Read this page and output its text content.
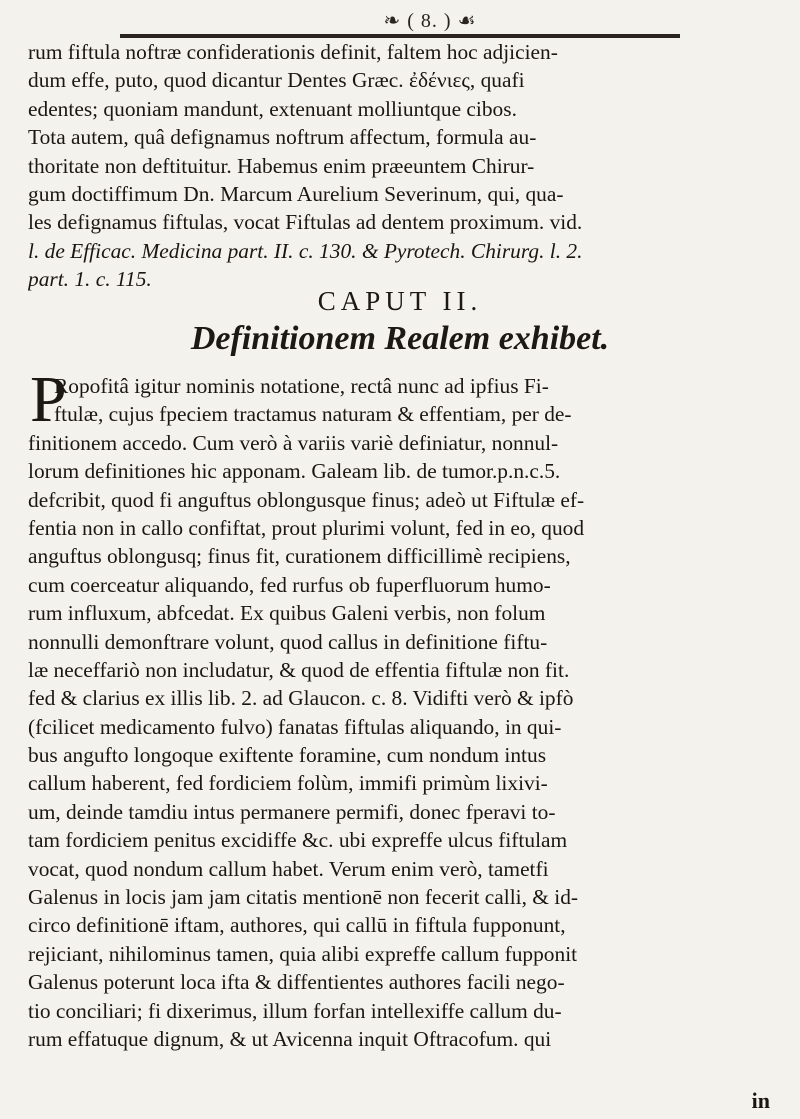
❧ ( 8. ) ☙
rum fiftula noftræ confiderationis definit, faltem hoc adjicien-
dum effe, puto, quod dicantur Dentes Græc. ἐδένιες, quafi
edentes; quoniam mandunt, extenuant molliuntque cibos.
Tota autem, quâ defignamus noftrum affectum, formula au-
thoritate non deftituitur. Habemus enim præeuntem Chirur-
gum doctiffimum Dn. Marcum Aurelium Severinum, qui, qua-
les defignamus fiftulas, vocat Fiftulas ad dentem proximum. vid.
l. de Efficac. Medicina part. II. c. 130. & Pyrotech. Chirurg. l. 2.
part. 1. c. 115.
CAPUT II.
Definitionem Realem exhibet.
P
Ropofitâ igitur nominis notatione, rectâ nunc ad ipfius Fi-
ftulæ, cujus fpeciem tractamus naturam & effentiam, per de-
finitionem accedo. Cum verò à variis variè definiatur, nonnul-
lorum definitiones hic apponam. Galeam lib. de tumor.p.n.c.5.
defcribit, quod fi anguftus oblongusque finus; adeò ut Fiftulæ ef-
fentia non in callo confiftat, prout plurimi volunt, fed in eo, quod
anguftus oblongusq; finus fit, curationem difficillimè recipiens,
cum coerceatur aliquando, fed rurfus ob fuperfluorum humo-
rum influxum, abfcedat. Ex quibus Galeni verbis, non folum
nonnulli demonftrare volunt, quod callus in definitione fiftu-
læ neceffariò non includatur, & quod de effentia fiftulæ non fit.
fed & clarius ex illis lib. 2. ad Glaucon. c. 8. Vidifti verò & ipfò
(fcilicet medicamento fulvo) fanatas fiftulas aliquando, in qui-
bus angufto longoque exiftente foramine, cum nondum intus
callum haberent, fed fordiciem folùm, immifi primùm lixivi-
um, deinde tamdiu intus permanere permifi, donec fperavi to-
tam fordiciem penitus excidiffe &c. ubi expreffe ulcus fiftulam
vocat, quod nondum callum habet. Verum enim verò, tametfi
Galenus in locis jam jam citatis mentionē non fecerit calli, & id-
circo definitionē iftam, authores, qui callū in fiftula fupponunt,
rejiciant, nihilominus tamen, quia alibi expreffe callum fupponit
Galenus poterunt loca ifta & diffentientes authores facili nego-
tio conciliari; fi dixerimus, illum forfan intellexiffe callum du-
rum effatuque dignum, & ut Avicenna inquit Oftracofum. qui
in
